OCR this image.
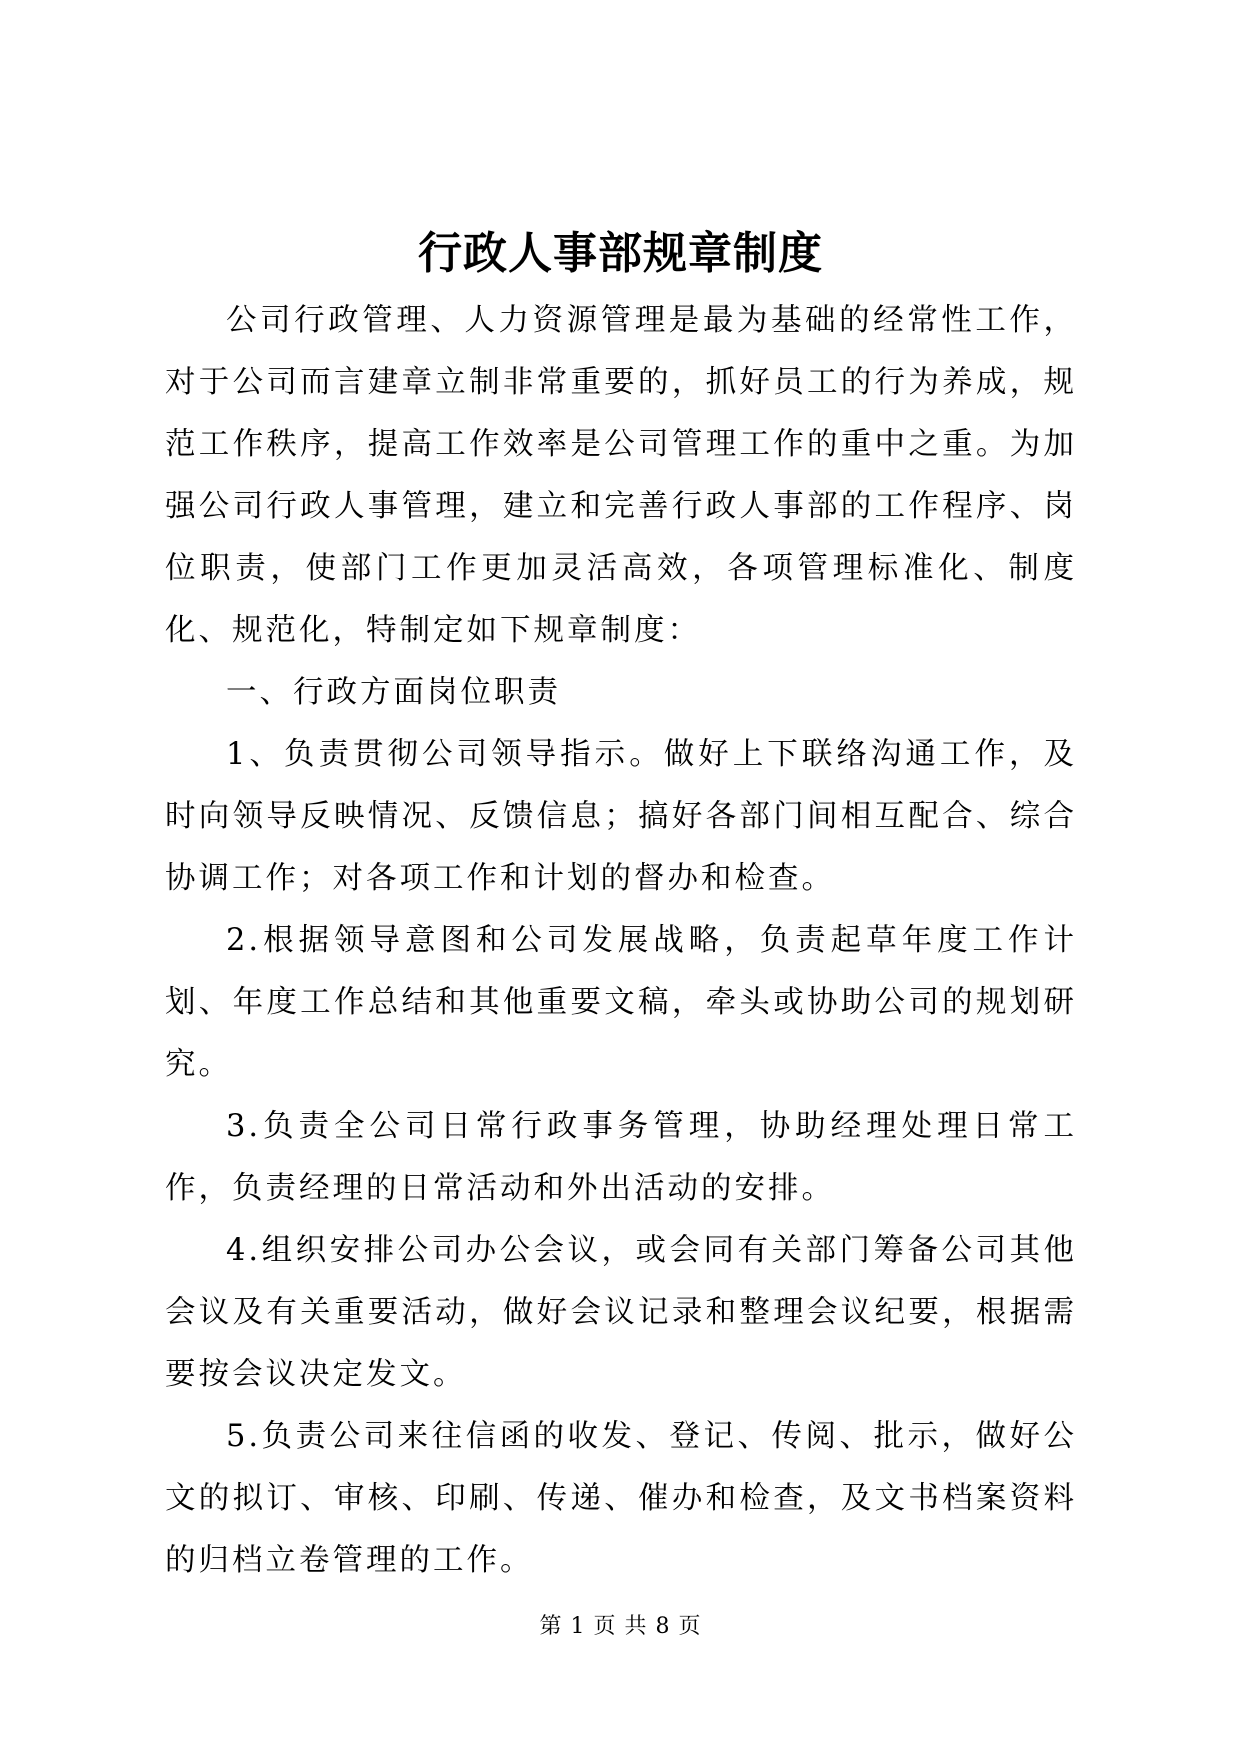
行政人事部规章制度

公司行政管理、人力资源管理是最为基础的经常性工作，对于公司而言建章立制非常重要的，抓好员工的行为养成，规范工作秩序，提高工作效率是公司管理工作的重中之重。为加强公司行政人事管理，建立和完善行政人事部的工作程序、岗位职责，使部门工作更加灵活高效，各项管理标准化、制度化、规范化，特制定如下规章制度：

一、行政方面岗位职责

1、负责贯彻公司领导指示。做好上下联络沟通工作，及时向领导反映情况、反馈信息；搞好各部门间相互配合、综合协调工作；对各项工作和计划的督办和检查。

2.根据领导意图和公司发展战略，负责起草年度工作计划、年度工作总结和其他重要文稿，牵头或协助公司的规划研究。

3.负责全公司日常行政事务管理，协助经理处理日常工作，负责经理的日常活动和外出活动的安排。

4.组织安排公司办公会议，或会同有关部门筹备公司其他会议及有关重要活动，做好会议记录和整理会议纪要，根据需要按会议决定发文。

5.负责公司来往信函的收发、登记、传阅、批示，做好公文的拟订、审核、印刷、传递、催办和检查，及文书档案资料的归档立卷管理的工作。

第 1 页 共 8 页
